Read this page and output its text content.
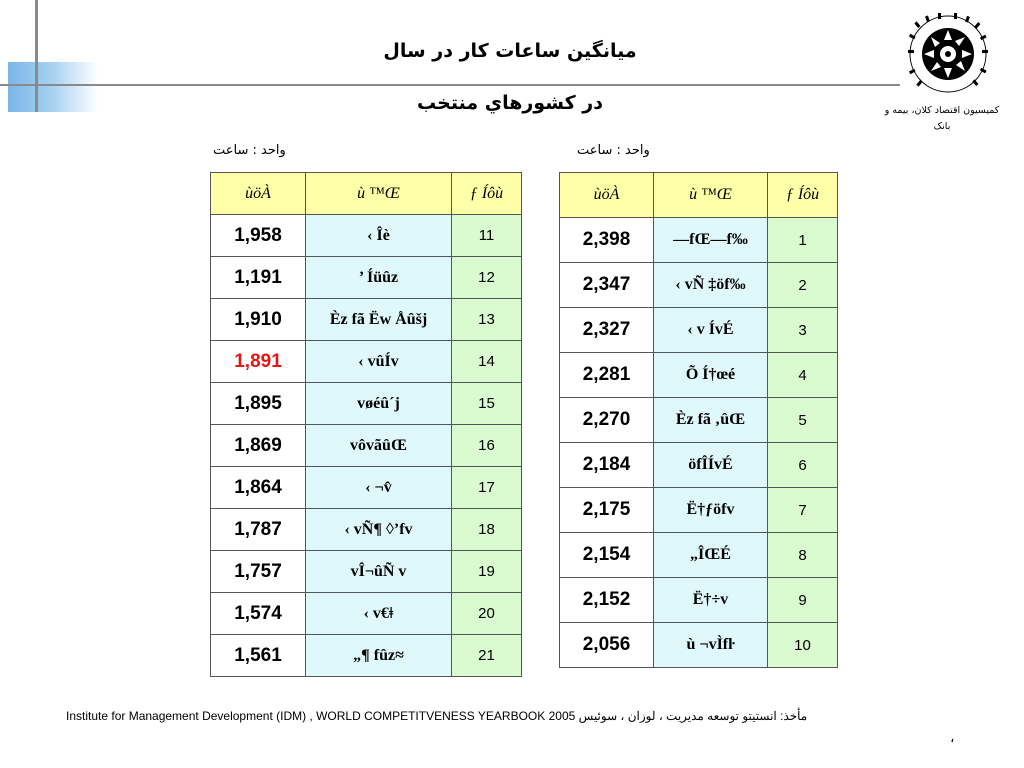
میانگین ساعات کار در سال
در کشورهاي منتخب	کمیسیون اقتصاد کلان، بیمه و
بانک
واحد : ساعت	واحد : ساعت
ùöÀ	ù ™Œ	ƒ Íôù
1,958	‹ Îè	11
1,191	’ Íüûz	12
1,910	Èz fã Ëw Åûšj	13
1,891	‹ vûÍv	14
1,895	vøéû´j	15
1,869	vôvãûŒ	16
1,864	‹ ¬v̂	17
1,787	‹ vÑ¶ ◊’fv	18
1,757	vÎ¬ûÑ v	19
1,574	‹ v€ǂ	20
1,561	„¶ fûz≈	21
ùöÀ	ù ™Œ	ƒ Íôù
2,398	—fŒ—f‰	1
2,347	‹ vÑ ‡öf‰	2
2,327	‹ v ÍvÉ	3
2,281	Õ Í†œé	4
2,270	Èz fã ‚ûŒ	5
2,184	öfÎÍvÉ	6
2,175	Ë†ƒöfv	7
2,154	„ÎŒÉ	8
2,152	Ë†÷v	9
2,056	ù ¬vÌfŀ	10
Institute for Management Development (IDM) , WORLD COMPETITVENESS YEARBOOK 2005 مأخذ: انستیتو توسعه مدیریت ، لوزان ، سوئیس
،
